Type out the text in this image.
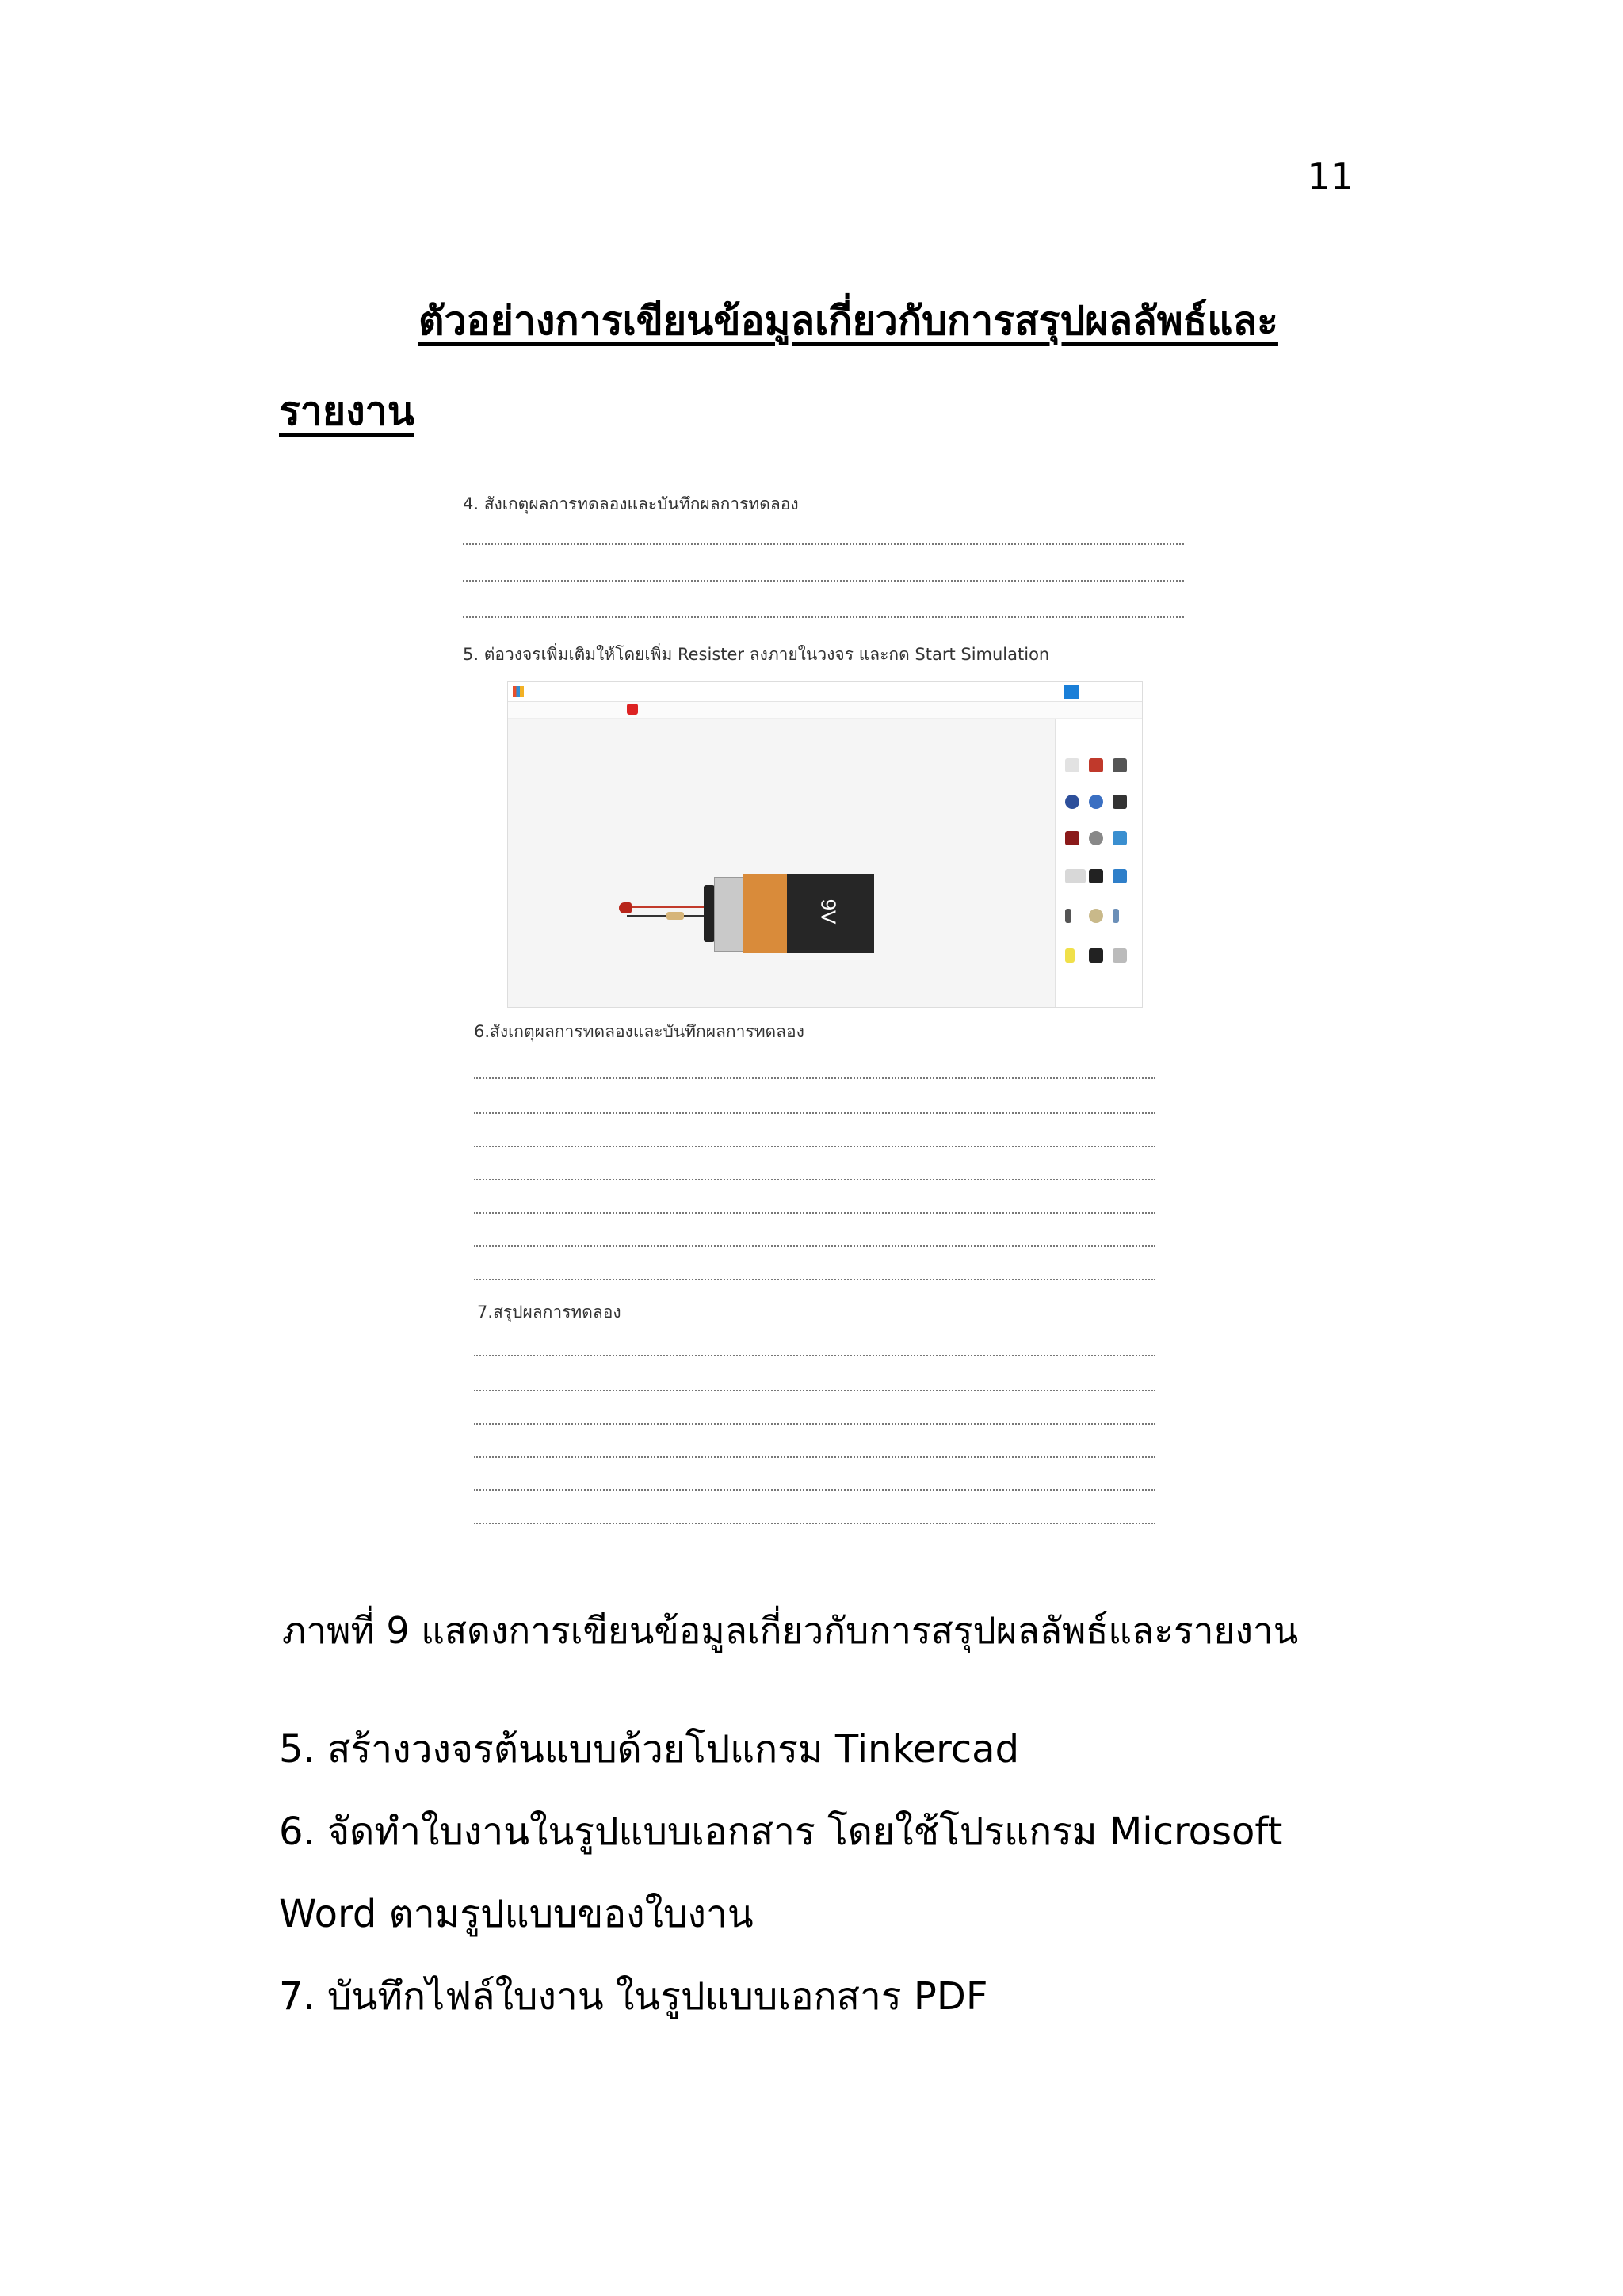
11
ตัวอย่างการเขียนข้อมูลเกี่ยวกับการสรุปผลลัพธ์และ
รายงาน
4. สังเกตุผลการทดลองและบันทึกผลการทดลอง
5. ต่อวงจรเพิ่มเติมให้โดยเพิ่ม Resister ลงภายในวงจร และกด Start Simulation
9V
6.สังเกตุผลการทดลองและบันทึกผลการทดลอง
7.สรุปผลการทดลอง
ภาพที่ 9 แสดงการเขียนข้อมูลเกี่ยวกับการสรุปผลลัพธ์และรายงาน
5. สร้างวงจรต้นแบบด้วยโปแกรม Tinkercad
6. จัดทำใบงานในรูปแบบเอกสาร โดยใช้โปรแกรม Microsoft
Word ตามรูปแบบของใบงาน
7. บันทึกไฟล์ใบงาน ในรูปแบบเอกสาร PDF
